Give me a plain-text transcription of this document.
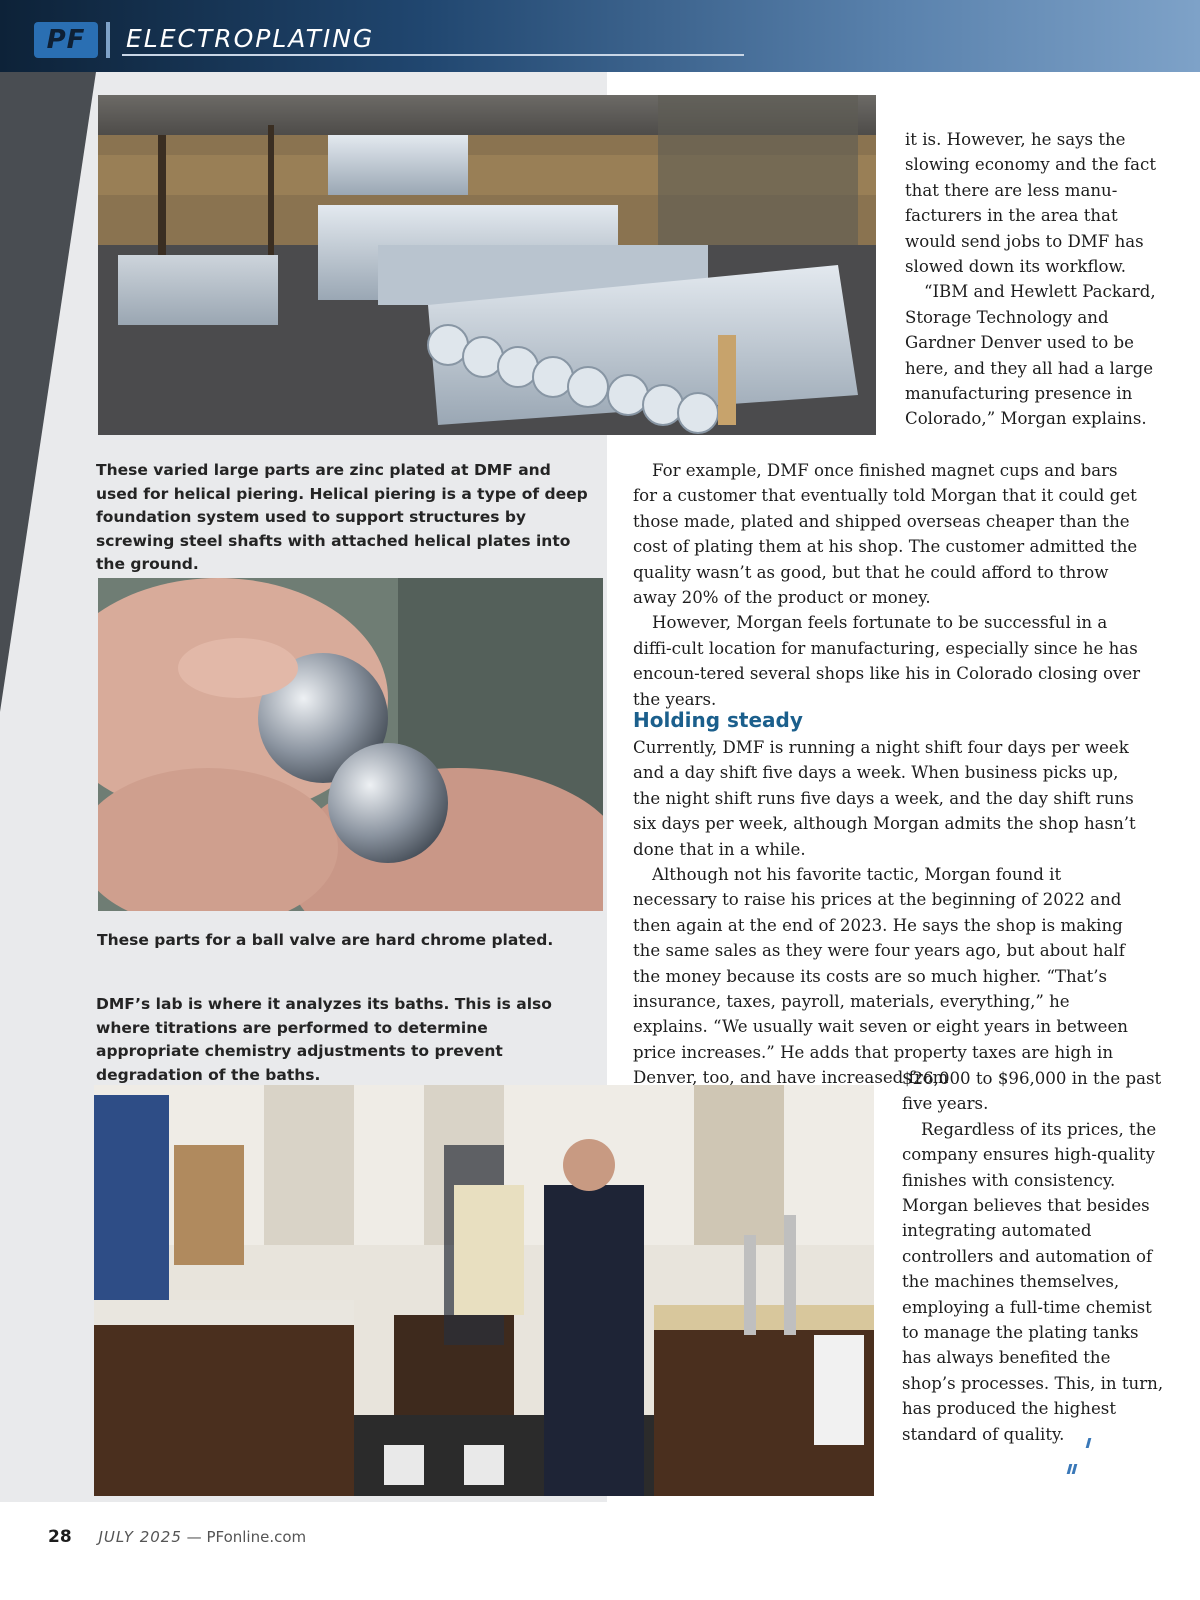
PF	ELECTROPLATING
These varied large parts are zinc plated at DMF and used for helical piering. Helical piering is a type of deep foundation system used to support structures by screwing steel shafts with attached helical plates into the ground.
These parts for a ball valve are hard chrome plated.
DMF’s lab is where it analyzes its baths. This is also where titrations are performed to determine appropriate chemistry adjustments to prevent degradation of the baths.

it is. However, he says the slowing economy and the fact that there are less manu-facturers in the area that would send jobs to DMF has slowed down its workflow.

“IBM and Hewlett Packard, Storage Technology and Gardner Denver used to be here, and they all had a large manufacturing presence in Colorado,” Morgan explains.

For example, DMF once finished magnet cups and bars for a customer that eventually told Morgan that it could get those made, plated and shipped overseas cheaper than the cost of plating them at his shop. The customer admitted the quality wasn’t as good, but that he could afford to throw away 20% of the product or money.

However, Morgan feels fortunate to be successful in a diffi-cult location for manufacturing, especially since he has encoun-tered several shops like his in Colorado closing over the years.

Holding steady

Currently, DMF is running a night shift four days per week and a day shift five days a week. When business picks up, the night shift runs five days a week, and the day shift runs six days per week, although Morgan admits the shop hasn’t done that in a while.

Although not his favorite tactic, Morgan found it necessary to raise his prices at the beginning of 2022 and then again at the end of 2023. He says the shop is making the same sales as they were four years ago, but about half the money because its costs are so much higher. “That’s insurance, taxes, payroll, materials, everything,” he explains. “We usually wait seven or eight years in between price increases.” He adds that property taxes are high in Denver, too, and have increased from

$26,000 to $96,000 in the past five years.

Regardless of its prices, the company ensures high-quality finishes with consistency. Morgan believes that besides integrating automated controllers and automation of the machines themselves, employing a full-time chemist to manage the plating tanks has always benefited the shop’s processes. This, in turn, has produced the highest standard of quality.

28 JULY 2025 — PFonline.com
